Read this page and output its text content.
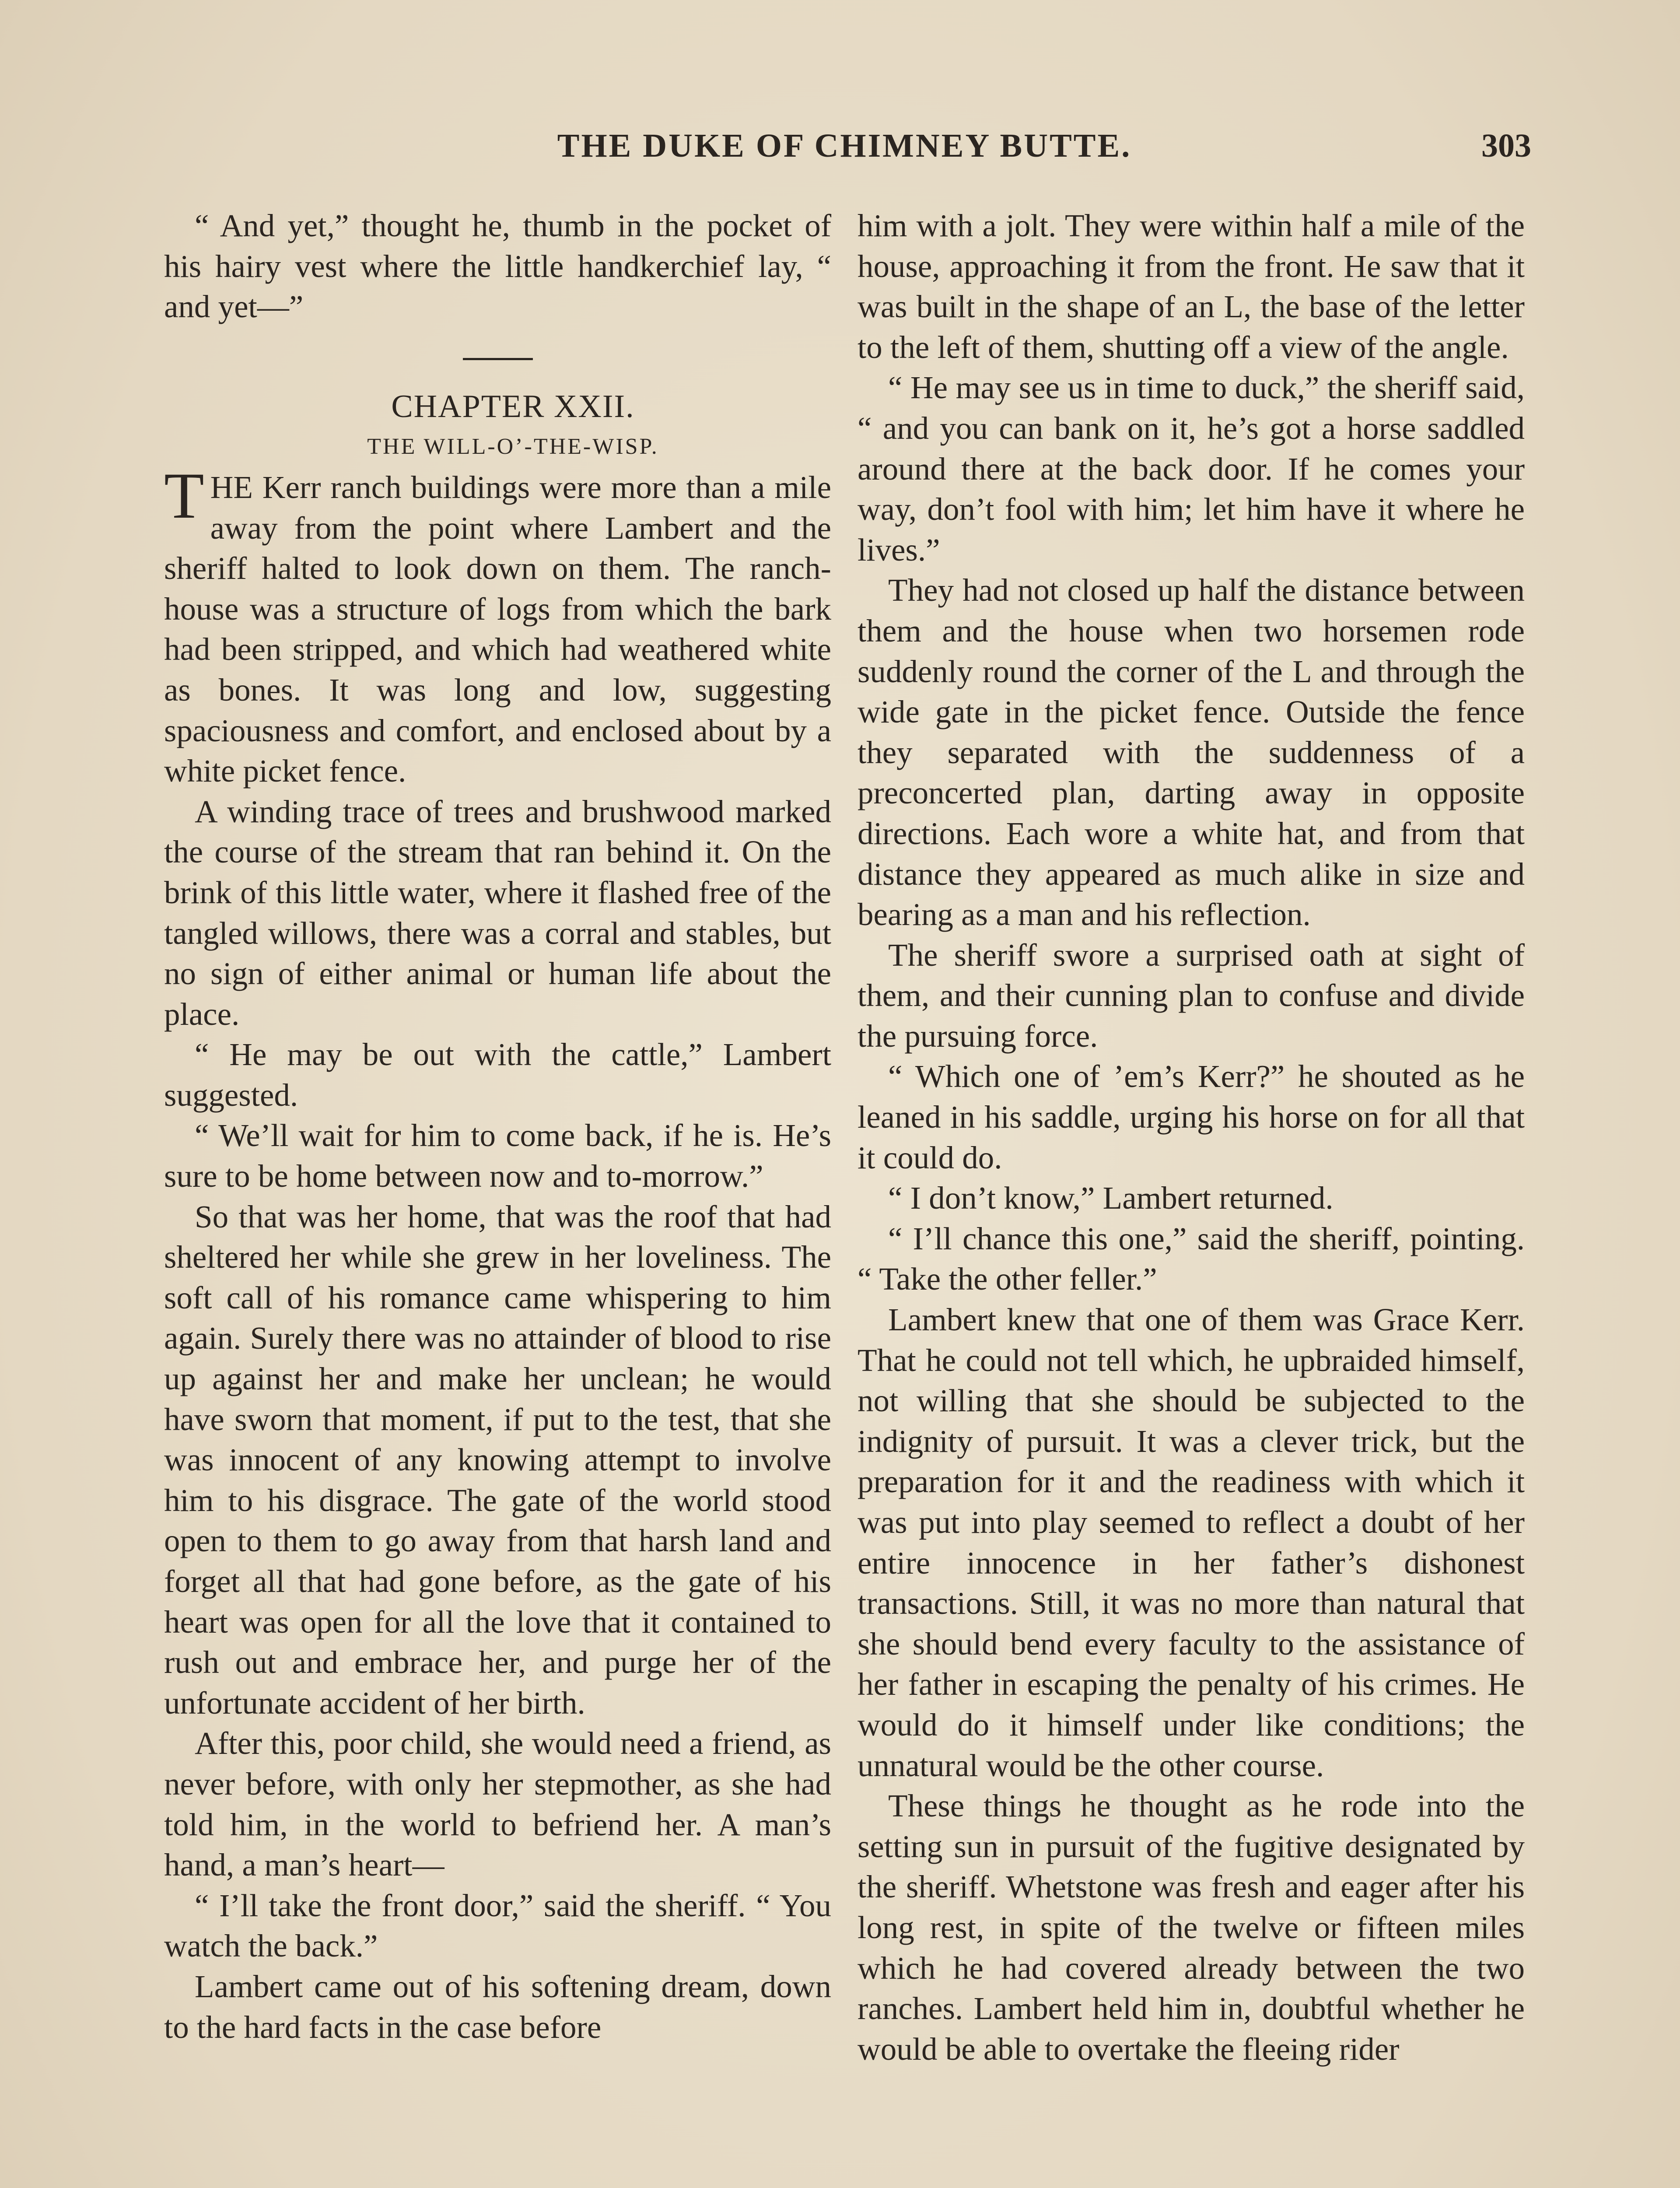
THE DUKE OF CHIMNEY BUTTE.	303

“ And yet,” thought he, thumb in the pocket of his hairy vest where the little handkerchief lay, “ and yet—”

CHAPTER XXII.

THE WILL-O’-THE-WISP.

THE Kerr ranch buildings were more than a mile away from the point where Lambert and the sheriff halted to look down on them. The ranch-house was a structure of logs from which the bark had been stripped, and which had weathered white as bones. It was long and low, suggesting spaciousness and comfort, and enclosed about by a white picket fence.

A winding trace of trees and brushwood marked the course of the stream that ran behind it. On the brink of this little water, where it flashed free of the tangled willows, there was a corral and stables, but no sign of either animal or human life about the place.

“ He may be out with the cattle,” Lambert suggested.

“ We’ll wait for him to come back, if he is. He’s sure to be home between now and to-morrow.”

So that was her home, that was the roof that had sheltered her while she grew in her loveliness. The soft call of his romance came whispering to him again. Surely there was no attainder of blood to rise up against her and make her unclean; he would have sworn that moment, if put to the test, that she was innocent of any knowing attempt to involve him to his disgrace. The gate of the world stood open to them to go away from that harsh land and forget all that had gone before, as the gate of his heart was open for all the love that it contained to rush out and embrace her, and purge her of the unfortunate accident of her birth.

After this, poor child, she would need a friend, as never before, with only her stepmother, as she had told him, in the world to befriend her. A man’s hand, a man’s heart—

“ I’ll take the front door,” said the sheriff. “ You watch the back.”

Lambert came out of his softening dream, down to the hard facts in the case before

him with a jolt. They were within half a mile of the house, approaching it from the front. He saw that it was built in the shape of an L, the base of the letter to the left of them, shutting off a view of the angle.

“ He may see us in time to duck,” the sheriff said, “ and you can bank on it, he’s got a horse saddled around there at the back door. If he comes your way, don’t fool with him; let him have it where he lives.”

They had not closed up half the distance between them and the house when two horsemen rode suddenly round the corner of the L and through the wide gate in the picket fence. Outside the fence they separated with the suddenness of a preconcerted plan, darting away in opposite directions. Each wore a white hat, and from that distance they appeared as much alike in size and bearing as a man and his reflection.

The sheriff swore a surprised oath at sight of them, and their cunning plan to confuse and divide the pursuing force.

“ Which one of ’em’s Kerr?” he shouted as he leaned in his saddle, urging his horse on for all that it could do.

“ I don’t know,” Lambert returned.

“ I’ll chance this one,” said the sheriff, pointing. “ Take the other feller.”

Lambert knew that one of them was Grace Kerr. That he could not tell which, he upbraided himself, not willing that she should be subjected to the indignity of pursuit. It was a clever trick, but the preparation for it and the readiness with which it was put into play seemed to reflect a doubt of her entire innocence in her father’s dishonest transactions. Still, it was no more than natural that she should bend every faculty to the assistance of her father in escaping the penalty of his crimes. He would do it himself under like conditions; the unnatural would be the other course.

These things he thought as he rode into the setting sun in pursuit of the fugitive designated by the sheriff. Whetstone was fresh and eager after his long rest, in spite of the twelve or fifteen miles which he had covered already between the two ranches. Lambert held him in, doubtful whether he would be able to overtake the fleeing rider
